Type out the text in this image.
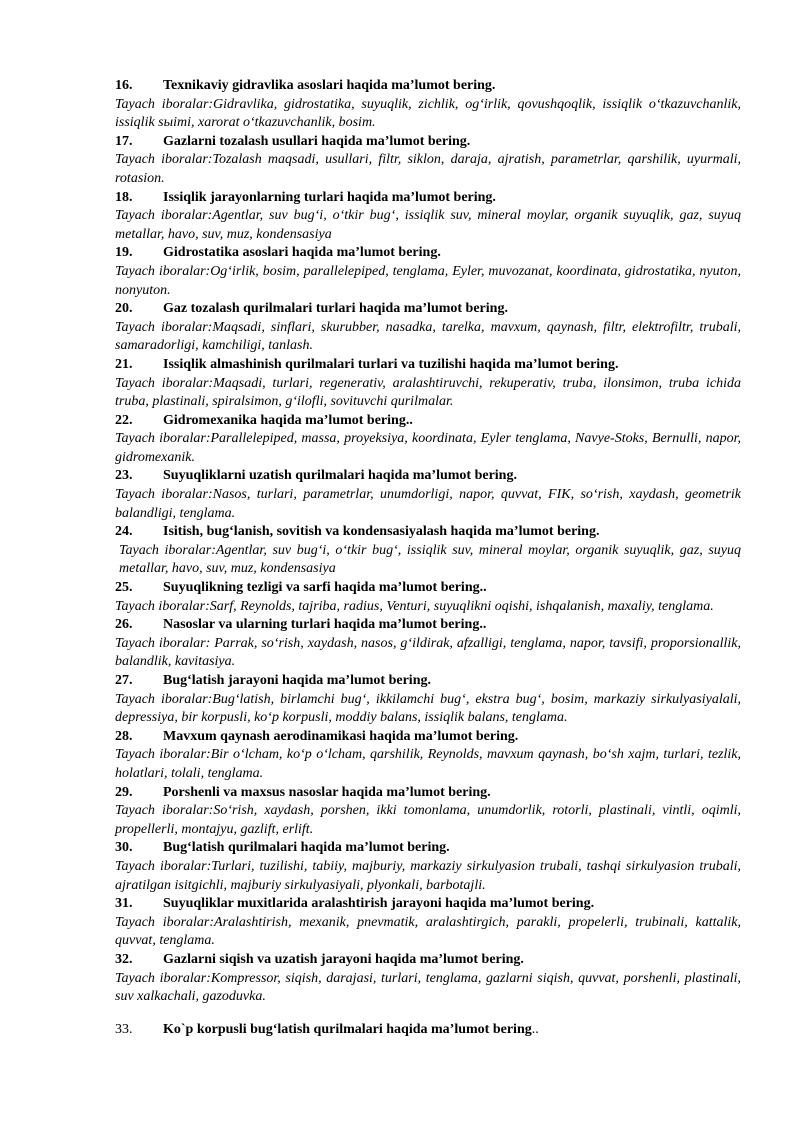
16.	Texnikaviy gidravlika asoslari haqida ma’lumot bering.
Tayach iboralar:Gidravlika, gidrostatika, suyuqlik, zichlik, og‘irlik, qovushqoqlik, issiqlik o‘tkazuvchanlik, issiqlik sыimi, xarorat o‘tkazuvchanlik, bosim.
17.	Gazlarni tozalash usullari haqida ma’lumot bering.
Tayach iboralar:Tozalash maqsadi, usullari, filtr, siklon, daraja, ajratish, parametrlar, qarshilik, uyurmali, rotasion.
18.	Issiqlik jarayonlarning turlari haqida ma’lumot bering.
Tayach iboralar:Agentlar, suv bug‘i, o‘tkir bug‘, issiqlik suv, mineral moylar, organik suyuqlik, gaz, suyuq metallar, havo, suv, muz, kondensasiya
19.	Gidrostatika asoslari haqida ma’lumot bering.
Tayach iboralar:Og‘irlik, bosim, parallelepiped, tenglama, Eyler, muvozanat, koordinata, gidrostatika, nyuton, nonyuton.
20.	Gaz tozalash qurilmalari turlari haqida ma’lumot bering.
Tayach iboralar:Maqsadi, sinflari, skurubber, nasadka, tarelka, mavxum, qaynash, filtr, elektrofiltr, trubali, samaradorligi, kamchiligi, tanlash.
21.	Issiqlik almashinish qurilmalari turlari va tuzilishi haqida ma’lumot bering.
Tayach iboralar:Maqsadi, turlari, regenerativ, aralashtiruvchi, rekuperativ, truba, ilonsimon, truba ichida truba, plastinali, spiralsimon, g‘ilofli, sovituvchi qurilmalar.
22.	Gidromexanika haqida ma’lumot bering..
Tayach iboralar:Parallelepiped, massa, proyeksiya, koordinata, Eyler tenglama, Navye-Stoks, Bernulli, napor, gidromexanik.
23.	Suyuqliklarni uzatish qurilmalari haqida ma’lumot bering.
Tayach iboralar:Nasos, turlari, parametrlar, unumdorligi, napor, quvvat, FIK, so‘rish, xaydash, geometrik balandligi, tenglama.
24.	Isitish, bug‘lanish, sovitish va kondensasiyalash haqida ma’lumot bering.
Tayach iboralar:Agentlar, suv bug‘i, o‘tkir bug‘, issiqlik suv, mineral moylar, organik suyuqlik, gaz, suyuq metallar, havo, suv, muz, kondensasiya
25.	Suyuqlikning tezligi va sarfi haqida ma’lumot bering..
Tayach iboralar:Sarf, Reynolds, tajriba, radius, Venturi, suyuqlikni oqishi, ishqalanish, maxaliy, tenglama.
26.	Nasoslar va ularning turlari haqida ma’lumot bering..
Tayach iboralar: Parrak, so‘rish, xaydash, nasos, g‘ildirak, afzalligi, tenglama, napor, tavsifi, proporsionallik, balandlik, kavitasiya.
27.	Bug‘latish jarayoni haqida ma’lumot bering.
Tayach iboralar:Bug‘latish, birlamchi bug‘, ikkilamchi bug‘, ekstra bug‘, bosim, markaziy sirkulyasiyalali, depressiya, bir korpusli, ko‘p korpusli, moddiy balans, issiqlik balans, tenglama.
28.	Mavxum qaynash aerodinamikasi haqida ma’lumot bering.
Tayach iboralar:Bir o‘lcham, ko‘p o‘lcham, qarshilik, Reynolds, mavxum qaynash, bo‘sh xajm, turlari, tezlik, holatlari, tolali, tenglama.
29.	Porshenli va maxsus nasoslar haqida ma’lumot bering.
Tayach iboralar:So‘rish, xaydash, porshen, ikki tomonlama, unumdorlik, rotorli, plastinali, vintli, oqimli, propellerli, montajyu, gazlift, erlift.
30.	Bug‘latish qurilmalari haqida ma’lumot bering.
Tayach iboralar:Turlari, tuzilishi, tabiiy, majburiy, markaziy sirkulyasion trubali, tashqi sirkulyasion trubali, ajratilgan isitgichli, majburiy sirkulyasiyali, plyonkali, barbotajli.
31.	Suyuqliklar muxitlarida aralashtirish jarayoni haqida ma’lumot bering.
Tayach iboralar:Aralashtirish, mexanik, pnevmatik, aralashtirgich, parakli, propelerli, trubinali, kattalik, quvvat, tenglama.
32.	Gazlarni siqish va uzatish jarayoni haqida ma’lumot bering.
Tayach iboralar:Kompressor, siqish, darajasi, turlari, tenglama, gazlarni siqish, quvvat, porshenli, plastinali, suv xalkachali, gazoduvka.
33.	Ko`p korpusli bug‘latish qurilmalari haqida ma’lumot bering..
